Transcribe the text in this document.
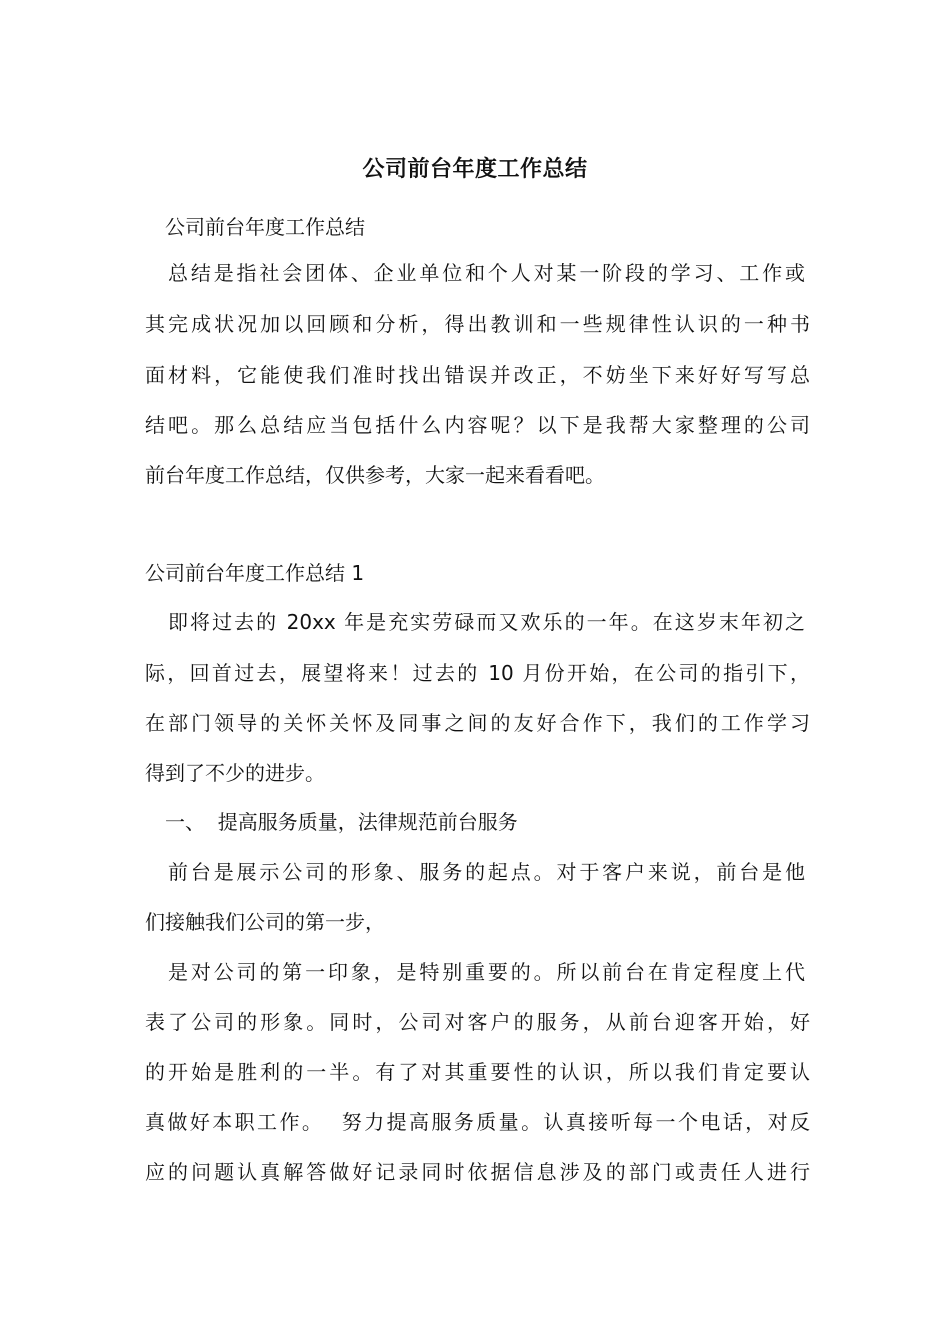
公司前台年度工作总结

公司前台年度工作总结

总结是指社会团体、企业单位和个人对某一阶段的学习、工作或

其完成状况加以回顾和分析，得出教训和一些规律性认识的一种书

面材料，它能使我们准时找出错误并改正，不妨坐下来好好写写总

结吧。那么总结应当包括什么内容呢？以下是我帮大家整理的公司

前台年度工作总结，仅供参考，大家一起来看看吧。

公司前台年度工作总结 1

即将过去的 20xx 年是充实劳碌而又欢乐的一年。在这岁末年初之

际，回首过去，展望将来！过去的 10 月份开始，在公司的指引下，

在部门领导的关怀关怀及同事之间的友好合作下，我们的工作学习

得到了不少的进步。

一、  提高服务质量，法律规范前台服务

前台是展示公司的形象、服务的起点。对于客户来说，前台是他

们接触我们公司的第一步，

是对公司的第一印象，是特别重要的。所以前台在肯定程度上代

表了公司的形象。同时，公司对客户的服务，从前台迎客开始，好

的开始是胜利的一半。有了对其重要性的认识，所以我们肯定要认

真做好本职工作。  努力提高服务质量。认真接听每一个电话，对反

应的问题认真解答做好记录同时依据信息涉及的部门或责任人进行
